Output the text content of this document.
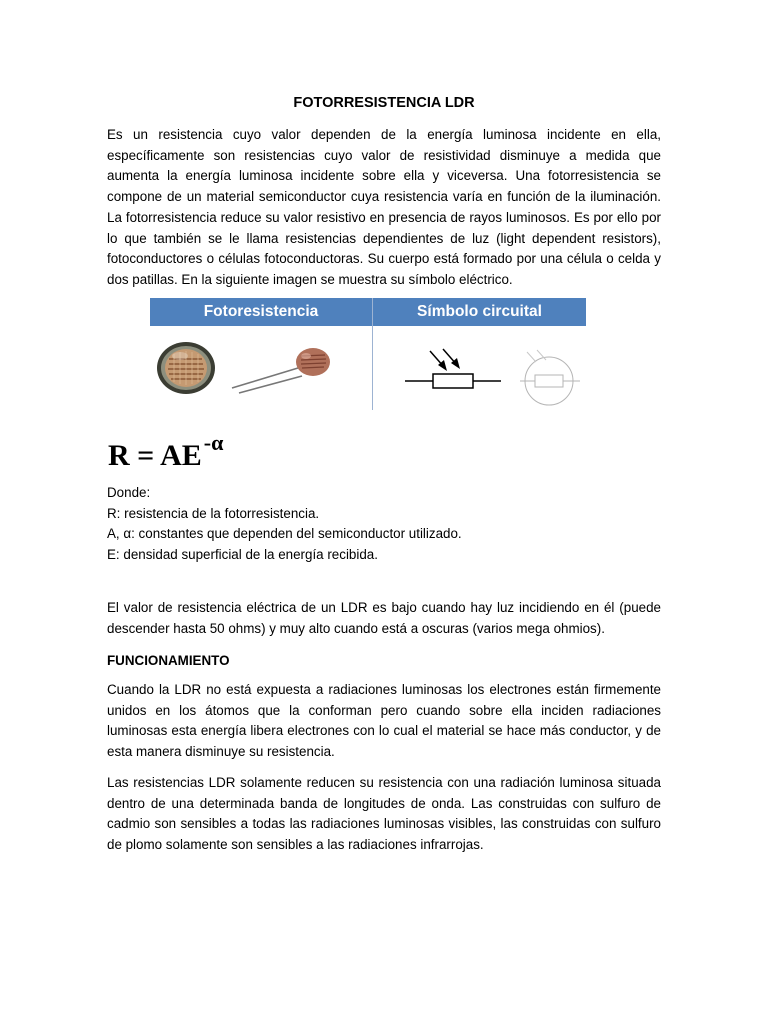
FOTORRESISTENCIA LDR

Es un resistencia cuyo valor dependen de la energía luminosa incidente en ella, específicamente son resistencias cuyo valor de resistividad disminuye a medida que aumenta la energía luminosa incidente sobre ella y viceversa. Una fotorresistencia se compone de un material semiconductor cuya resistencia varía en función de la iluminación. La fotorresistencia reduce su valor resistivo en presencia de rayos luminosos. Es por ello por lo que también se le llama resistencias dependientes de luz (light dependent resistors), fotoconductores o células fotoconductoras. Su cuerpo está formado por una célula o celda y dos patillas. En la siguiente imagen se muestra su símbolo eléctrico.

Fotoresistencia	Símbolo circuital
$R = AE^{-\alpha}$
Donde:
R: resistencia de la fotorresistencia.
A, α: constantes que dependen del semiconductor utilizado.
E: densidad superficial de la energía recibida.

El valor de resistencia eléctrica de un LDR es bajo cuando hay luz incidiendo en él (puede descender hasta 50 ohms) y muy alto cuando está a oscuras (varios mega ohmios).

FUNCIONAMIENTO

Cuando la LDR no está expuesta a radiaciones luminosas los electrones están firmemente unidos en los átomos que la conforman pero cuando sobre ella inciden radiaciones luminosas esta energía libera electrones con lo cual el material se hace más conductor, y de esta manera disminuye su resistencia.

Las resistencias LDR solamente reducen su resistencia con una radiación luminosa situada dentro de una determinada banda de longitudes de onda. Las construidas con sulfuro de cadmio son sensibles a todas las radiaciones luminosas visibles, las construidas con sulfuro de plomo solamente son sensibles a las radiaciones infrarrojas.
